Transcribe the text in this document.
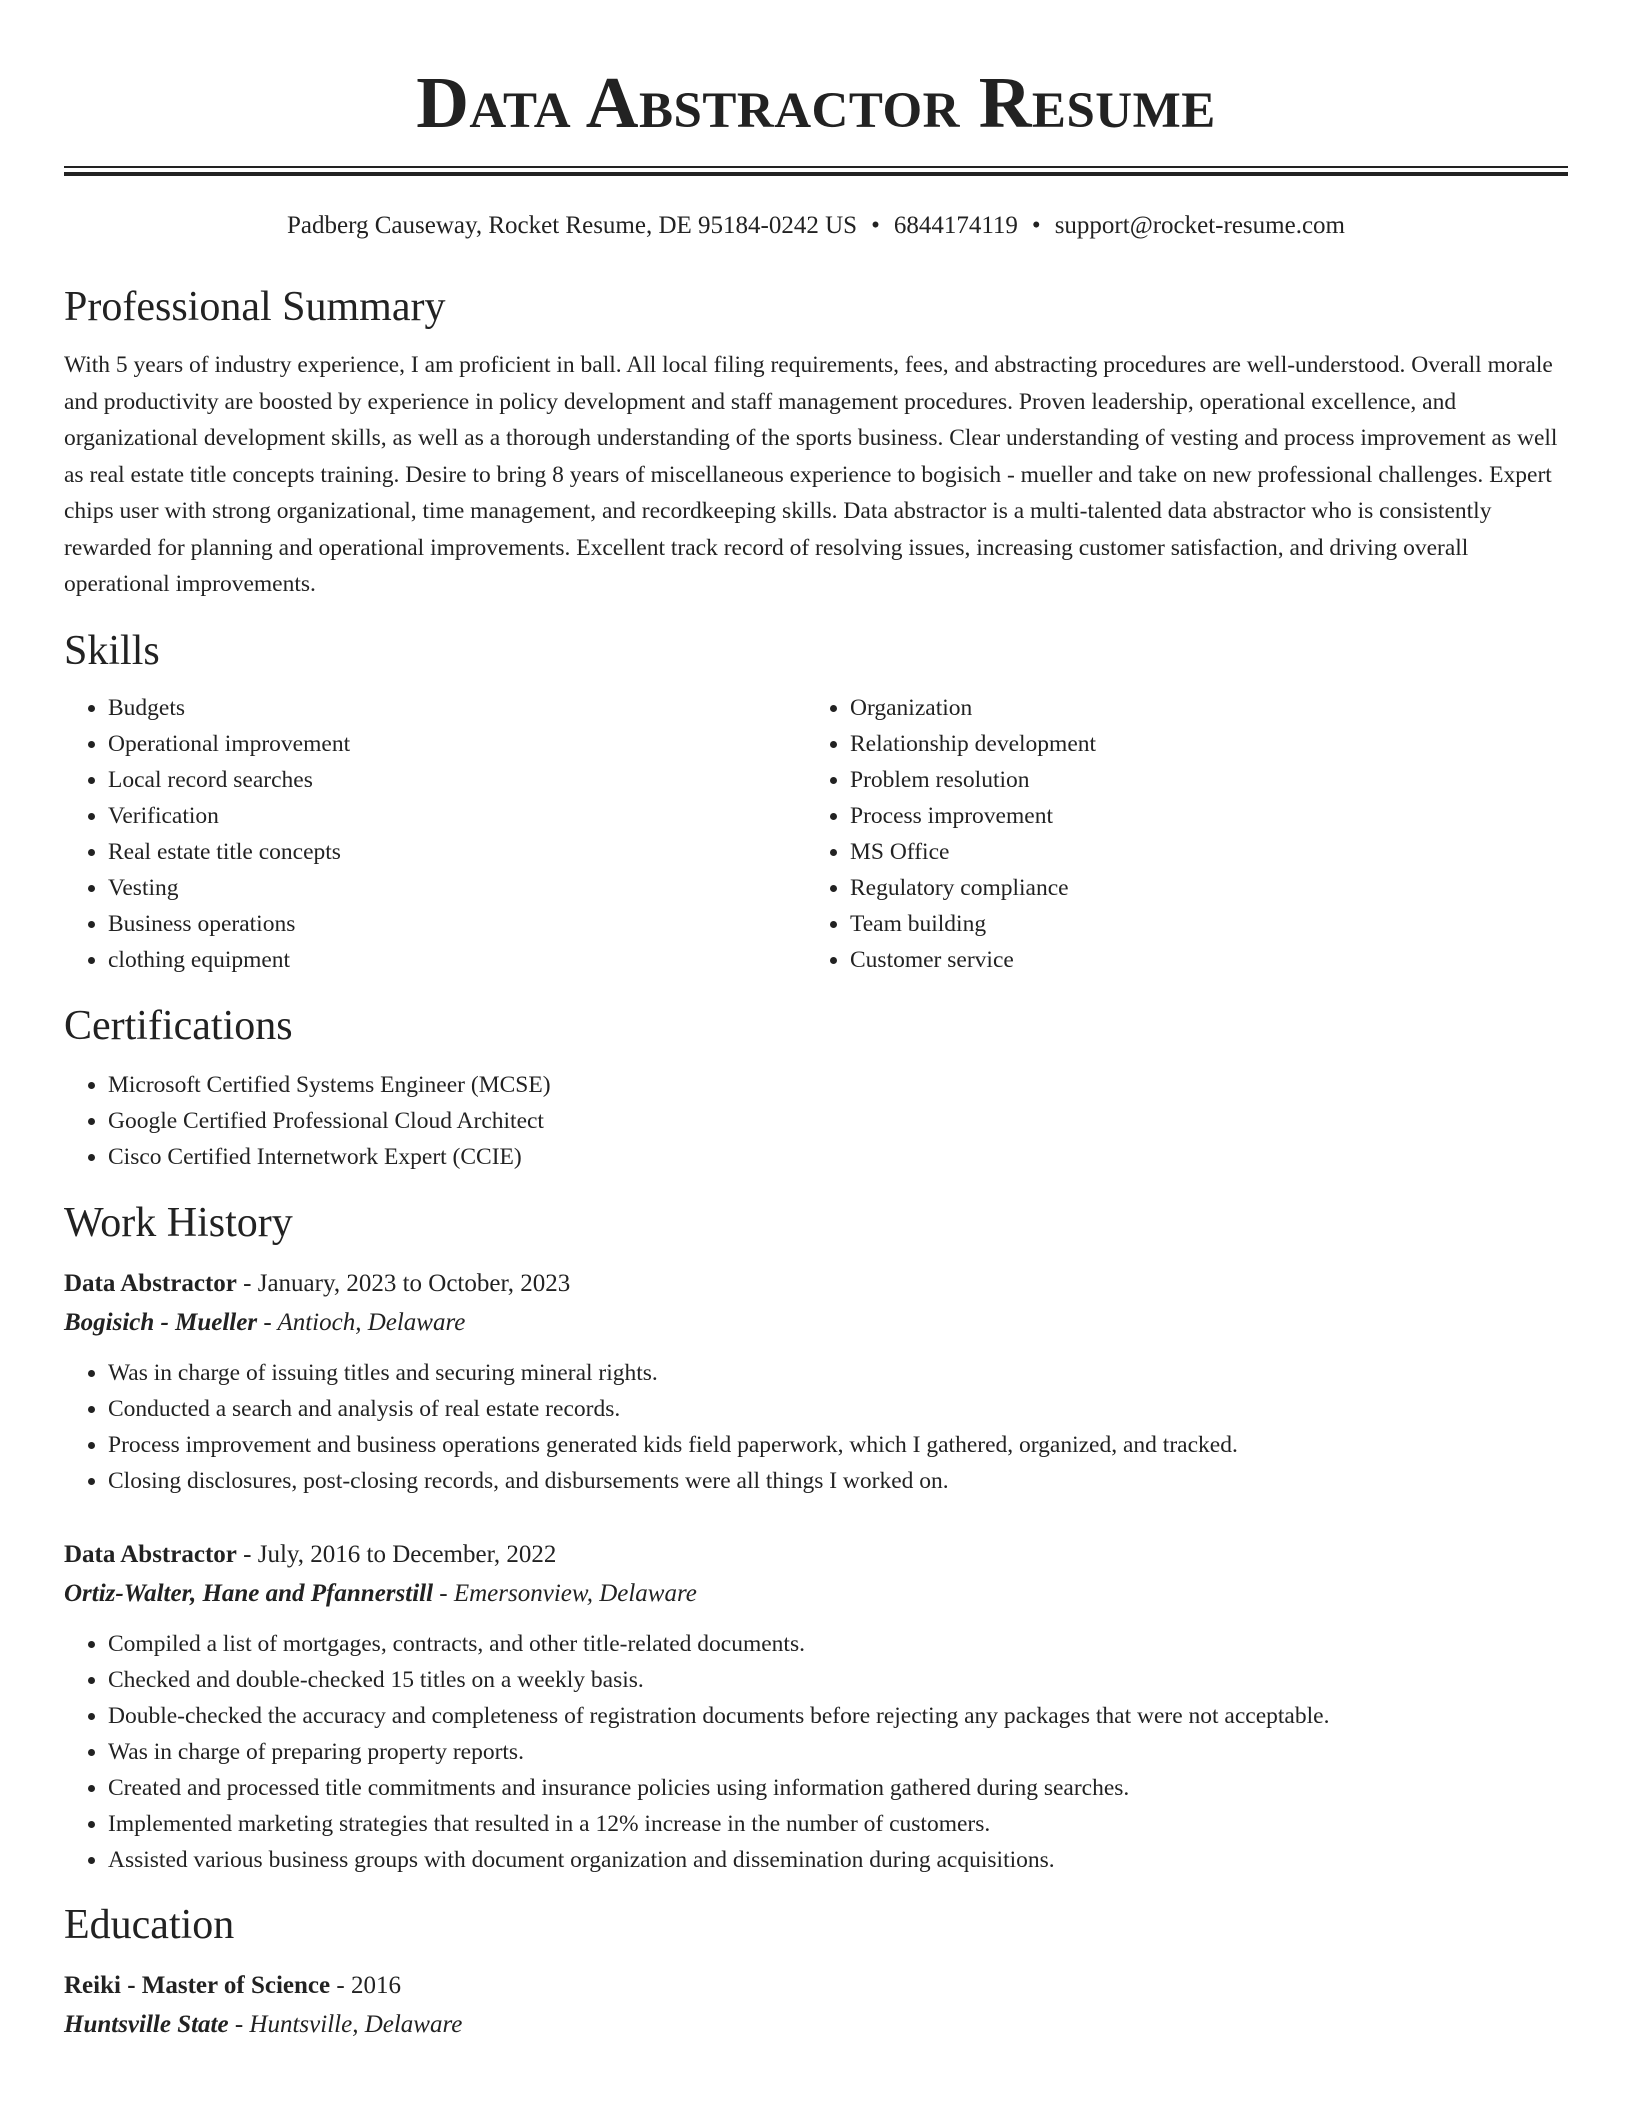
Data Abstractor Resume
Padberg Causeway, Rocket Resume, DE 95184-0242 US • 6844174119 • support@rocket-resume.com
Professional Summary

With 5 years of industry experience, I am proficient in ball. All local filing requirements, fees, and abstracting procedures are well-understood. Overall morale and productivity are boosted by experience in policy development and staff management procedures. Proven leadership, operational excellence, and organizational development skills, as well as a thorough understanding of the sports business. Clear understanding of vesting and process improvement as well as real estate title concepts training. Desire to bring 8 years of miscellaneous experience to bogisich - mueller and take on new professional challenges. Expert chips user with strong organizational, time management, and recordkeeping skills. Data abstractor is a multi-talented data abstractor who is consistently rewarded for planning and operational improvements. Excellent track record of resolving issues, increasing customer satisfaction, and driving overall operational improvements.

Skills
• Budgets
• Operational improvement
• Local record searches
• Verification
• Real estate title concepts
• Vesting
• Business operations
• clothing equipment
• Organization
• Relationship development
• Problem resolution
• Process improvement
• MS Office
• Regulatory compliance
• Team building
• Customer service
Certifications
• Microsoft Certified Systems Engineer (MCSE)
• Google Certified Professional Cloud Architect
• Cisco Certified Internetwork Expert (CCIE)
Work History
Data Abstractor - January, 2023 to October, 2023
Bogisich - Mueller - Antioch, Delaware
• Was in charge of issuing titles and securing mineral rights.
• Conducted a search and analysis of real estate records.
• Process improvement and business operations generated kids field paperwork, which I gathered, organized, and tracked.
• Closing disclosures, post-closing records, and disbursements were all things I worked on.
Data Abstractor - July, 2016 to December, 2022
Ortiz-Walter, Hane and Pfannerstill - Emersonview, Delaware
• Compiled a list of mortgages, contracts, and other title-related documents.
• Checked and double-checked 15 titles on a weekly basis.
• Double-checked the accuracy and completeness of registration documents before rejecting any packages that were not acceptable.
• Was in charge of preparing property reports.
• Created and processed title commitments and insurance policies using information gathered during searches.
• Implemented marketing strategies that resulted in a 12% increase in the number of customers.
• Assisted various business groups with document organization and dissemination during acquisitions.
Education
Reiki - Master of Science - 2016
Huntsville State - Huntsville, Delaware
